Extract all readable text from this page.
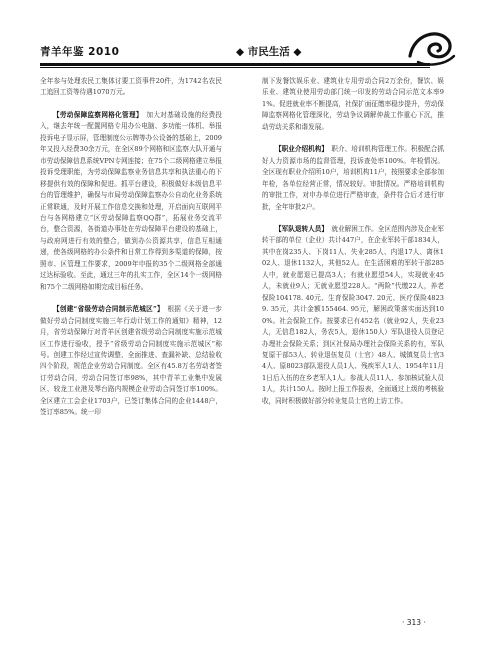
青羊年鉴 2010	◆ 市民生活 ◆

全年参与处理农民工集体讨要工资事件20件，为1742名农民工追回工资等待遇1070万元。

【劳动保障监察网格化管理】　 加大对基础设施的经费投入，继去年统一配置网格专用办公电脑、多功能一体机、举报投诉电子显示屏，管理制度公示牌等办公设备的基础上，2009年又投入经费30余万元，在全区89个网格和区监察大队开通与市劳动保障信息系统VPN专网连接；在75个二级网格建立举报投诉受理职能，为劳动保障监察业务信息共享和执法重心的下移提供有效的保障和促进。抓平台建设，积极做好本级信息平台的管理维护，确保与市局劳动保障监察办公自动化业务系统正常联通，及时开展工作信息交换和处理，开启面向互联网平台与各网格建立“区劳动保障监察QQ群”，拓展业务交流平台，整合资源，各街道办事处在劳动保障平台建设的基础上，与政府网进行有效的整合，做到办公资源共享，信息互相通递，使各级网格的办公条件和日常工作得到多渠道的保障，按照市、区管理工作要求，2009年申报的35个二级网格全部通过达标验收。至此，通过三年的扎实工作，全区14个一级网格和75个二级网格如期完成目标任务。

【创建“省级劳动合同制示范城区”】　 根据《关于进一步做好劳动合同制度实施三年行动计划工作的通知》精神，12月，省劳动保障厅对青羊区创建省级劳动合同制度实施示范城区工作进行验收，授予“省级劳动合同制度实施示范城区”称号。创建工作经过宣传调整、全面推进、查漏补缺、总结验收四个阶段，规范企业劳动合同制度。全区有45.8万名劳动者签订劳动合同，劳动合同签订率98%，其中青羊工业集中发展区、较龙工业港及琴台路内规模企业劳动合同签订率100%。全区建立工会企业1703户，已签订集体合同的企业1448户，签订率85%。统一印

制下发餐饮娱乐业、建筑业专用劳动合同2万余份，餐饮、娱乐业、建筑业使用劳动部门统一印发的劳动合同示范文本率91%。促进就业率不断提高，社保扩面征缴率稳步提升，劳动保障监察网格化管理深化，劳动争议调解仲裁工作重心下沉，推动劳动关系和谐发展。

【职业介绍机构】　 职介、培训机构管理工作。积极配合抓好人力资源市场的监督管理，投诉查处率100%。年检情况。全区现有职业介绍所10户，培训机构11户，按照要求全部参加年检，各单位经营正常，情况较好。审批情况。严格培训机构的审批工作，对申办单位进行严格审查，条件符合后才进行审批，全年审批2户。

【军队退转人员】　 就业解困工作。全区范围内涉及企业军转干部的单位（企业）共计447户，在企业军转干部1834人，其中在岗235人、下岗11人、失业285人、内退17人、离休102人、退休1132人，其他52人。在生活困难的军转干部285人中，就业愿退已提高3人；有就业愿望54人，实现就业45人，未就业9人；无就业愿望228人。“两险”代缴22人，养老保险104178. 40元、生育保险3047. 20元、医疗保险48239. 35元，共计金额155464. 95元，解困政策落实面达到100%。社会保险工作。按要求已有452名（就业92人，失业23人，无信息182人，务农5人，退休150人）军队退役人员登记办理社会保险关系；到区社保局办理社会保险关系的有，军队复原干部53人、转业退伍复员（士官）48人、城镇复员士官34人、原8023部队退役人员1人、残疾军人1人、1954年11月1日后入伍的在乡老军人1人。参战人员11人、参加核试验人员1人，共计150人。按时上报工作报表，全面通过上级的考核验收，同时积极做好部分转业复员士官的上访工作。

· 313 ·
